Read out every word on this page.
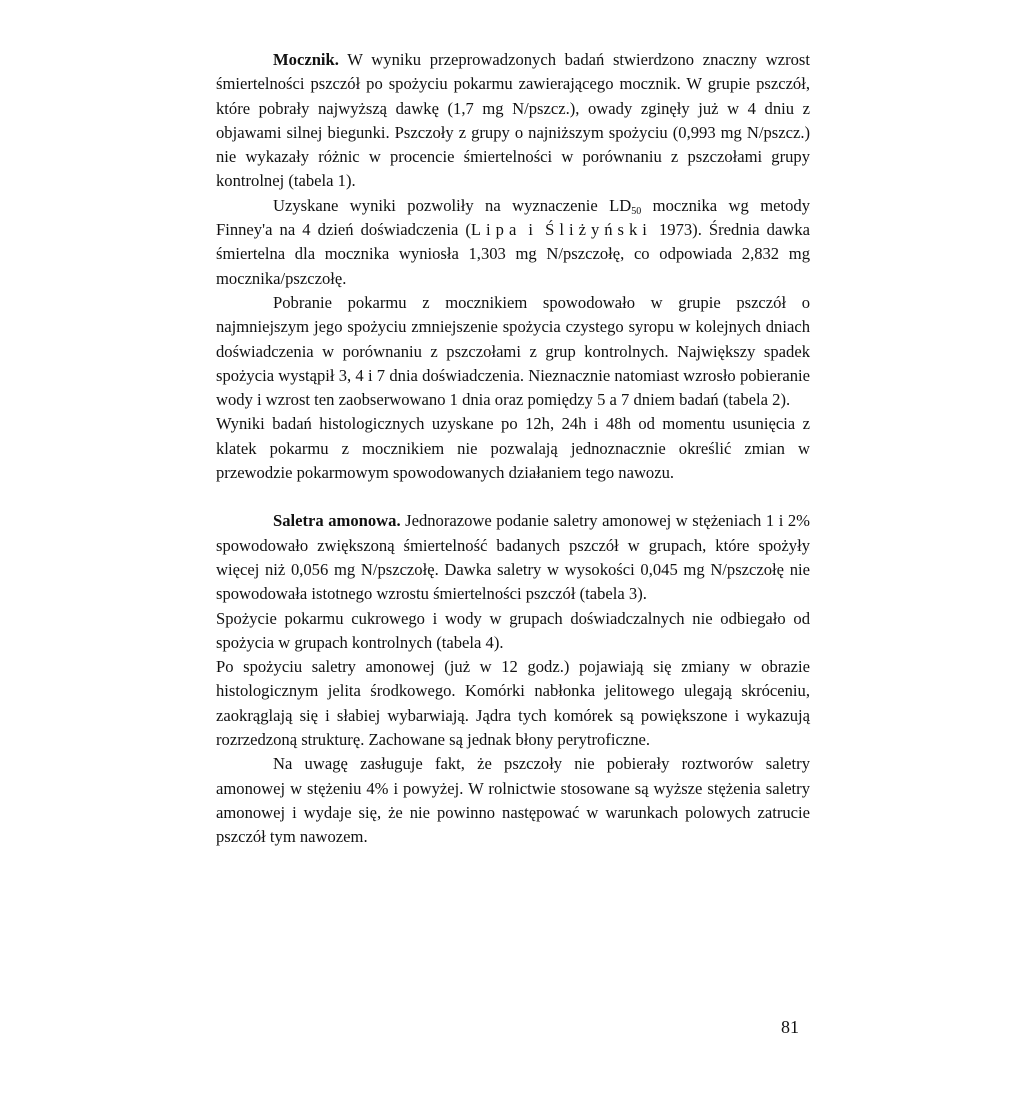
Mocznik. W wyniku przeprowadzonych badań stwierdzono znaczny wzrost śmiertelności pszczół po spożyciu pokarmu zawierającego mocznik. W grupie pszczół, które pobrały najwyższą dawkę (1,7 mg N/pszcz.), owady zginęły już w 4 dniu z objawami silnej biegunki. Pszczoły z grupy o najniższym spożyciu (0,993 mg N/pszcz.) nie wykazały różnic w procencie śmiertelności w porównaniu z pszczołami grupy kontrolnej (tabela 1).

Uzyskane wyniki pozwoliły na wyznaczenie $LD_{50}$ mocznika wg metody Finney'a na 4 dzień doświadczenia (Lipa i Śliżyński 1973). Średnia dawka śmiertelna dla mocznika wyniosła 1,303 mg N/pszczołę, co odpowiada 2,832 mg mocznika/pszczołę.

Pobranie pokarmu z mocznikiem spowodowało w grupie pszczół o najmniejszym jego spożyciu zmniejszenie spożycia czystego syropu w kolejnych dniach doświadczenia w porównaniu z pszczołami z grup kontrolnych. Największy spadek spożycia wystąpił 3, 4 i 7 dnia doświadczenia. Nieznacznie natomiast wzrosło pobieranie wody i wzrost ten zaobserwowano 1 dnia oraz pomiędzy 5 a 7 dniem badań (tabela 2).

Wyniki badań histologicznych uzyskane po 12h, 24h i 48h od momentu usunięcia z klatek pokarmu z mocznikiem nie pozwalają jednoznacznie określić zmian w przewodzie pokarmowym spowodowanych działaniem tego nawozu.

Saletra amonowa. Jednorazowe podanie saletry amonowej w stężeniach 1 i 2% spowodowało zwiększoną śmiertelność badanych pszczół w grupach, które spożyły więcej niż 0,056 mg N/pszczołę. Dawka saletry w wysokości 0,045 mg N/pszczołę nie spowodowała istotnego wzrostu śmiertelności pszczół (tabela 3).

Spożycie pokarmu cukrowego i wody w grupach doświadczalnych nie odbiegało od spożycia w grupach kontrolnych (tabela 4).

Po spożyciu saletry amonowej (już w 12 godz.) pojawiają się zmiany w obrazie histologicznym jelita środkowego. Komórki nabłonka jelitowego ulegają skróceniu, zaokrąglają się i słabiej wybarwiają. Jądra tych komórek są powiększone i wykazują rozrzedzoną strukturę. Zachowane są jednak błony perytroficzne.

Na uwagę zasługuje fakt, że pszczoły nie pobierały roztworów saletry amonowej w stężeniu 4% i powyżej. W rolnictwie stosowane są wyższe stężenia saletry amonowej i wydaje się, że nie powinno następować w warunkach polowych zatrucie pszczół tym nawozem.

81
